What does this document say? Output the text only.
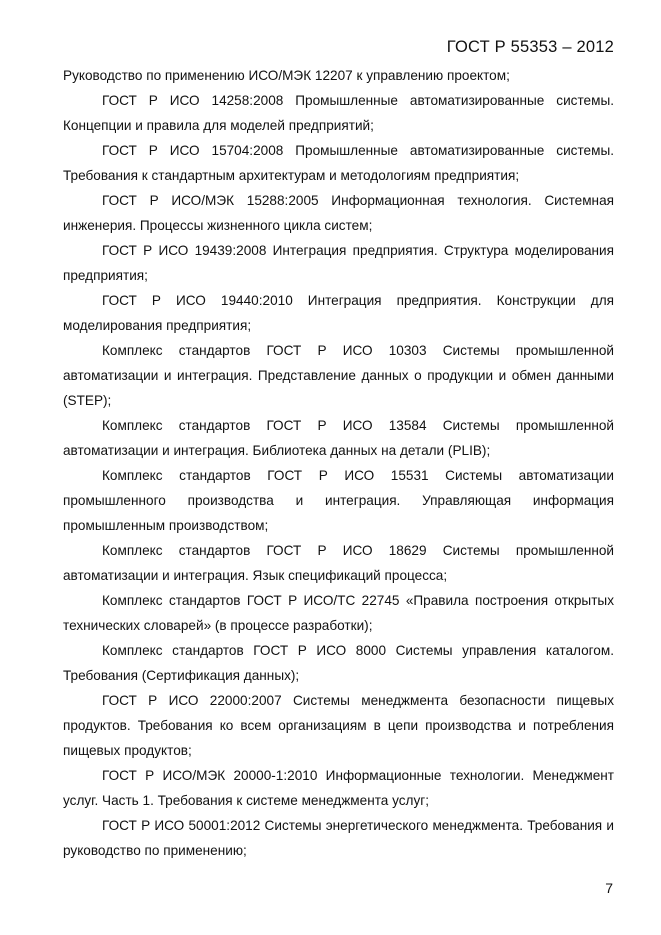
ГОСТ Р 55353 – 2012

Руководство по применению ИСО/МЭК 12207 к управлению проектом;

ГОСТ Р ИСО 14258:2008 Промышленные автоматизированные системы. Концепции и правила для моделей предприятий;

ГОСТ Р ИСО 15704:2008 Промышленные автоматизированные системы. Требования к стандартным архитектурам и методологиям предприятия;

ГОСТ Р ИСО/МЭК 15288:2005 Информационная технология. Системная инженерия. Процессы жизненного цикла систем;

ГОСТ Р ИСО 19439:2008 Интеграция предприятия. Структура моделирования предприятия;

ГОСТ Р ИСО 19440:2010 Интеграция предприятия. Конструкции для моделирования предприятия;

Комплекс стандартов ГОСТ Р ИСО 10303 Системы промышленной автоматизации и интеграция. Представление данных о продукции и обмен данными (STEP);

Комплекс стандартов ГОСТ Р ИСО 13584 Системы промышленной автоматизации и интеграция. Библиотека данных на детали (PLIB);

Комплекс стандартов ГОСТ Р ИСО 15531 Системы автоматизации промышленного производства и интеграция. Управляющая информация промышленным производством;

Комплекс стандартов ГОСТ Р ИСО 18629 Системы промышленной автоматизации и интеграция. Язык спецификаций процесса;

Комплекс стандартов ГОСТ Р ИСО/ТС 22745 «Правила построения открытых технических словарей» (в процессе разработки);

Комплекс стандартов ГОСТ Р ИСО 8000 Системы управления каталогом. Требования (Сертификация данных);

ГОСТ Р ИСО 22000:2007 Системы менеджмента безопасности пищевых продуктов. Требования ко всем организациям в цепи производства и потребления пищевых продуктов;

ГОСТ Р ИСО/МЭК 20000-1:2010 Информационные технологии. Менеджмент услуг. Часть 1. Требования к системе менеджмента услуг;

ГОСТ Р ИСО 50001:2012 Системы энергетического менеджмента. Требования и руководство по применению;

7
